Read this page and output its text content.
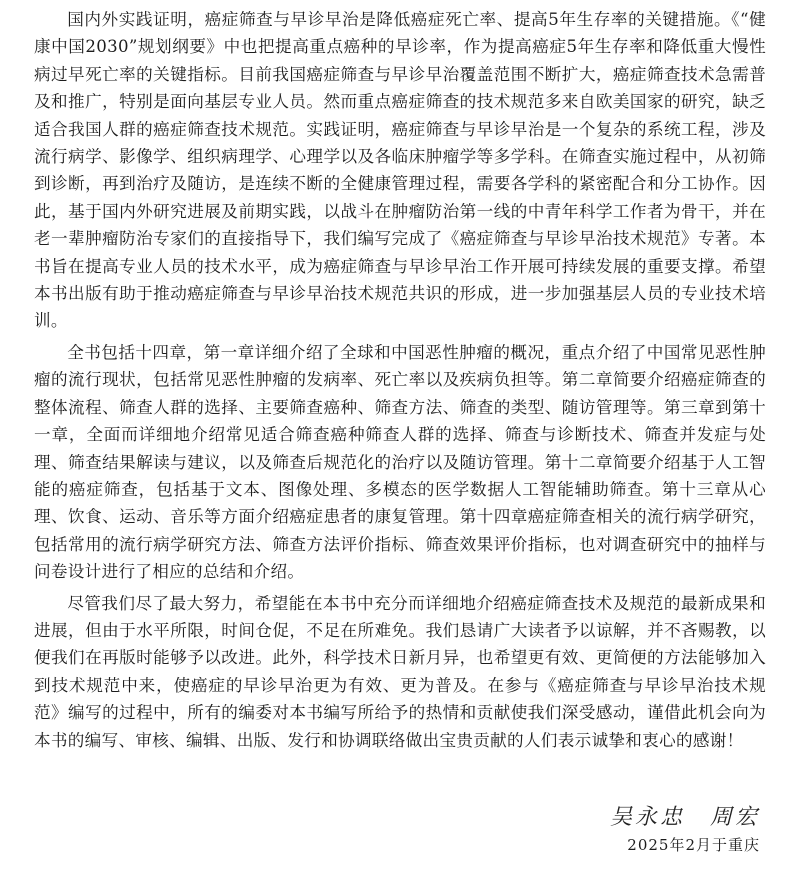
国内外实践证明，癌症筛查与早诊早治是降低癌症死亡率、提高5年生存率的关键措施。《“健康中国2030”规划纲要》中也把提高重点癌种的早诊率，作为提高癌症5年生存率和降低重大慢性病过早死亡率的关键指标。目前我国癌症筛查与早诊早治覆盖范围不断扩大，癌症筛查技术急需普及和推广，特别是面向基层专业人员。然而重点癌症筛查的技术规范多来自欧美国家的研究，缺乏适合我国人群的癌症筛查技术规范。实践证明，癌症筛查与早诊早治是一个复杂的系统工程，涉及流行病学、影像学、组织病理学、心理学以及各临床肿瘤学等多学科。在筛查实施过程中，从初筛到诊断，再到治疗及随访，是连续不断的全健康管理过程，需要各学科的紧密配合和分工协作。因此，基于国内外研究进展及前期实践，以战斗在肿瘤防治第一线的中青年科学工作者为骨干，并在老一辈肿瘤防治专家们的直接指导下，我们编写完成了《癌症筛查与早诊早治技术规范》专著。本书旨在提高专业人员的技术水平，成为癌症筛查与早诊早治工作开展可持续发展的重要支撑。希望本书出版有助于推动癌症筛查与早诊早治技术规范共识的形成，进一步加强基层人员的专业技术培训。

全书包括十四章，第一章详细介绍了全球和中国恶性肿瘤的概况，重点介绍了中国常见恶性肿瘤的流行现状，包括常见恶性肿瘤的发病率、死亡率以及疾病负担等。第二章简要介绍癌症筛查的整体流程、筛查人群的选择、主要筛查癌种、筛查方法、筛查的类型、随访管理等。第三章到第十一章，全面而详细地介绍常见适合筛查癌种筛查人群的选择、筛查与诊断技术、筛查并发症与处理、筛查结果解读与建议，以及筛查后规范化的治疗以及随访管理。第十二章简要介绍基于人工智能的癌症筛查，包括基于文本、图像处理、多模态的医学数据人工智能辅助筛查。第十三章从心理、饮食、运动、音乐等方面介绍癌症患者的康复管理。第十四章癌症筛查相关的流行病学研究，包括常用的流行病学研究方法、筛查方法评价指标、筛查效果评价指标，也对调查研究中的抽样与问卷设计进行了相应的总结和介绍。

尽管我们尽了最大努力，希望能在本书中充分而详细地介绍癌症筛查技术及规范的最新成果和进展，但由于水平所限，时间仓促，不足在所难免。我们恳请广大读者予以谅解，并不吝赐教，以便我们在再版时能够予以改进。此外，科学技术日新月异，也希望更有效、更简便的方法能够加入到技术规范中来，使癌症的早诊早治更为有效、更为普及。在参与《癌症筛查与早诊早治技术规范》编写的过程中，所有的编委对本书编写所给予的热情和贡献使我们深受感动，谨借此机会向为本书的编写、审核、编辑、出版、发行和协调联络做出宝贵贡献的人们表示诚挚和衷心的感谢！

吴永忠　周宏
2025年2月于重庆
